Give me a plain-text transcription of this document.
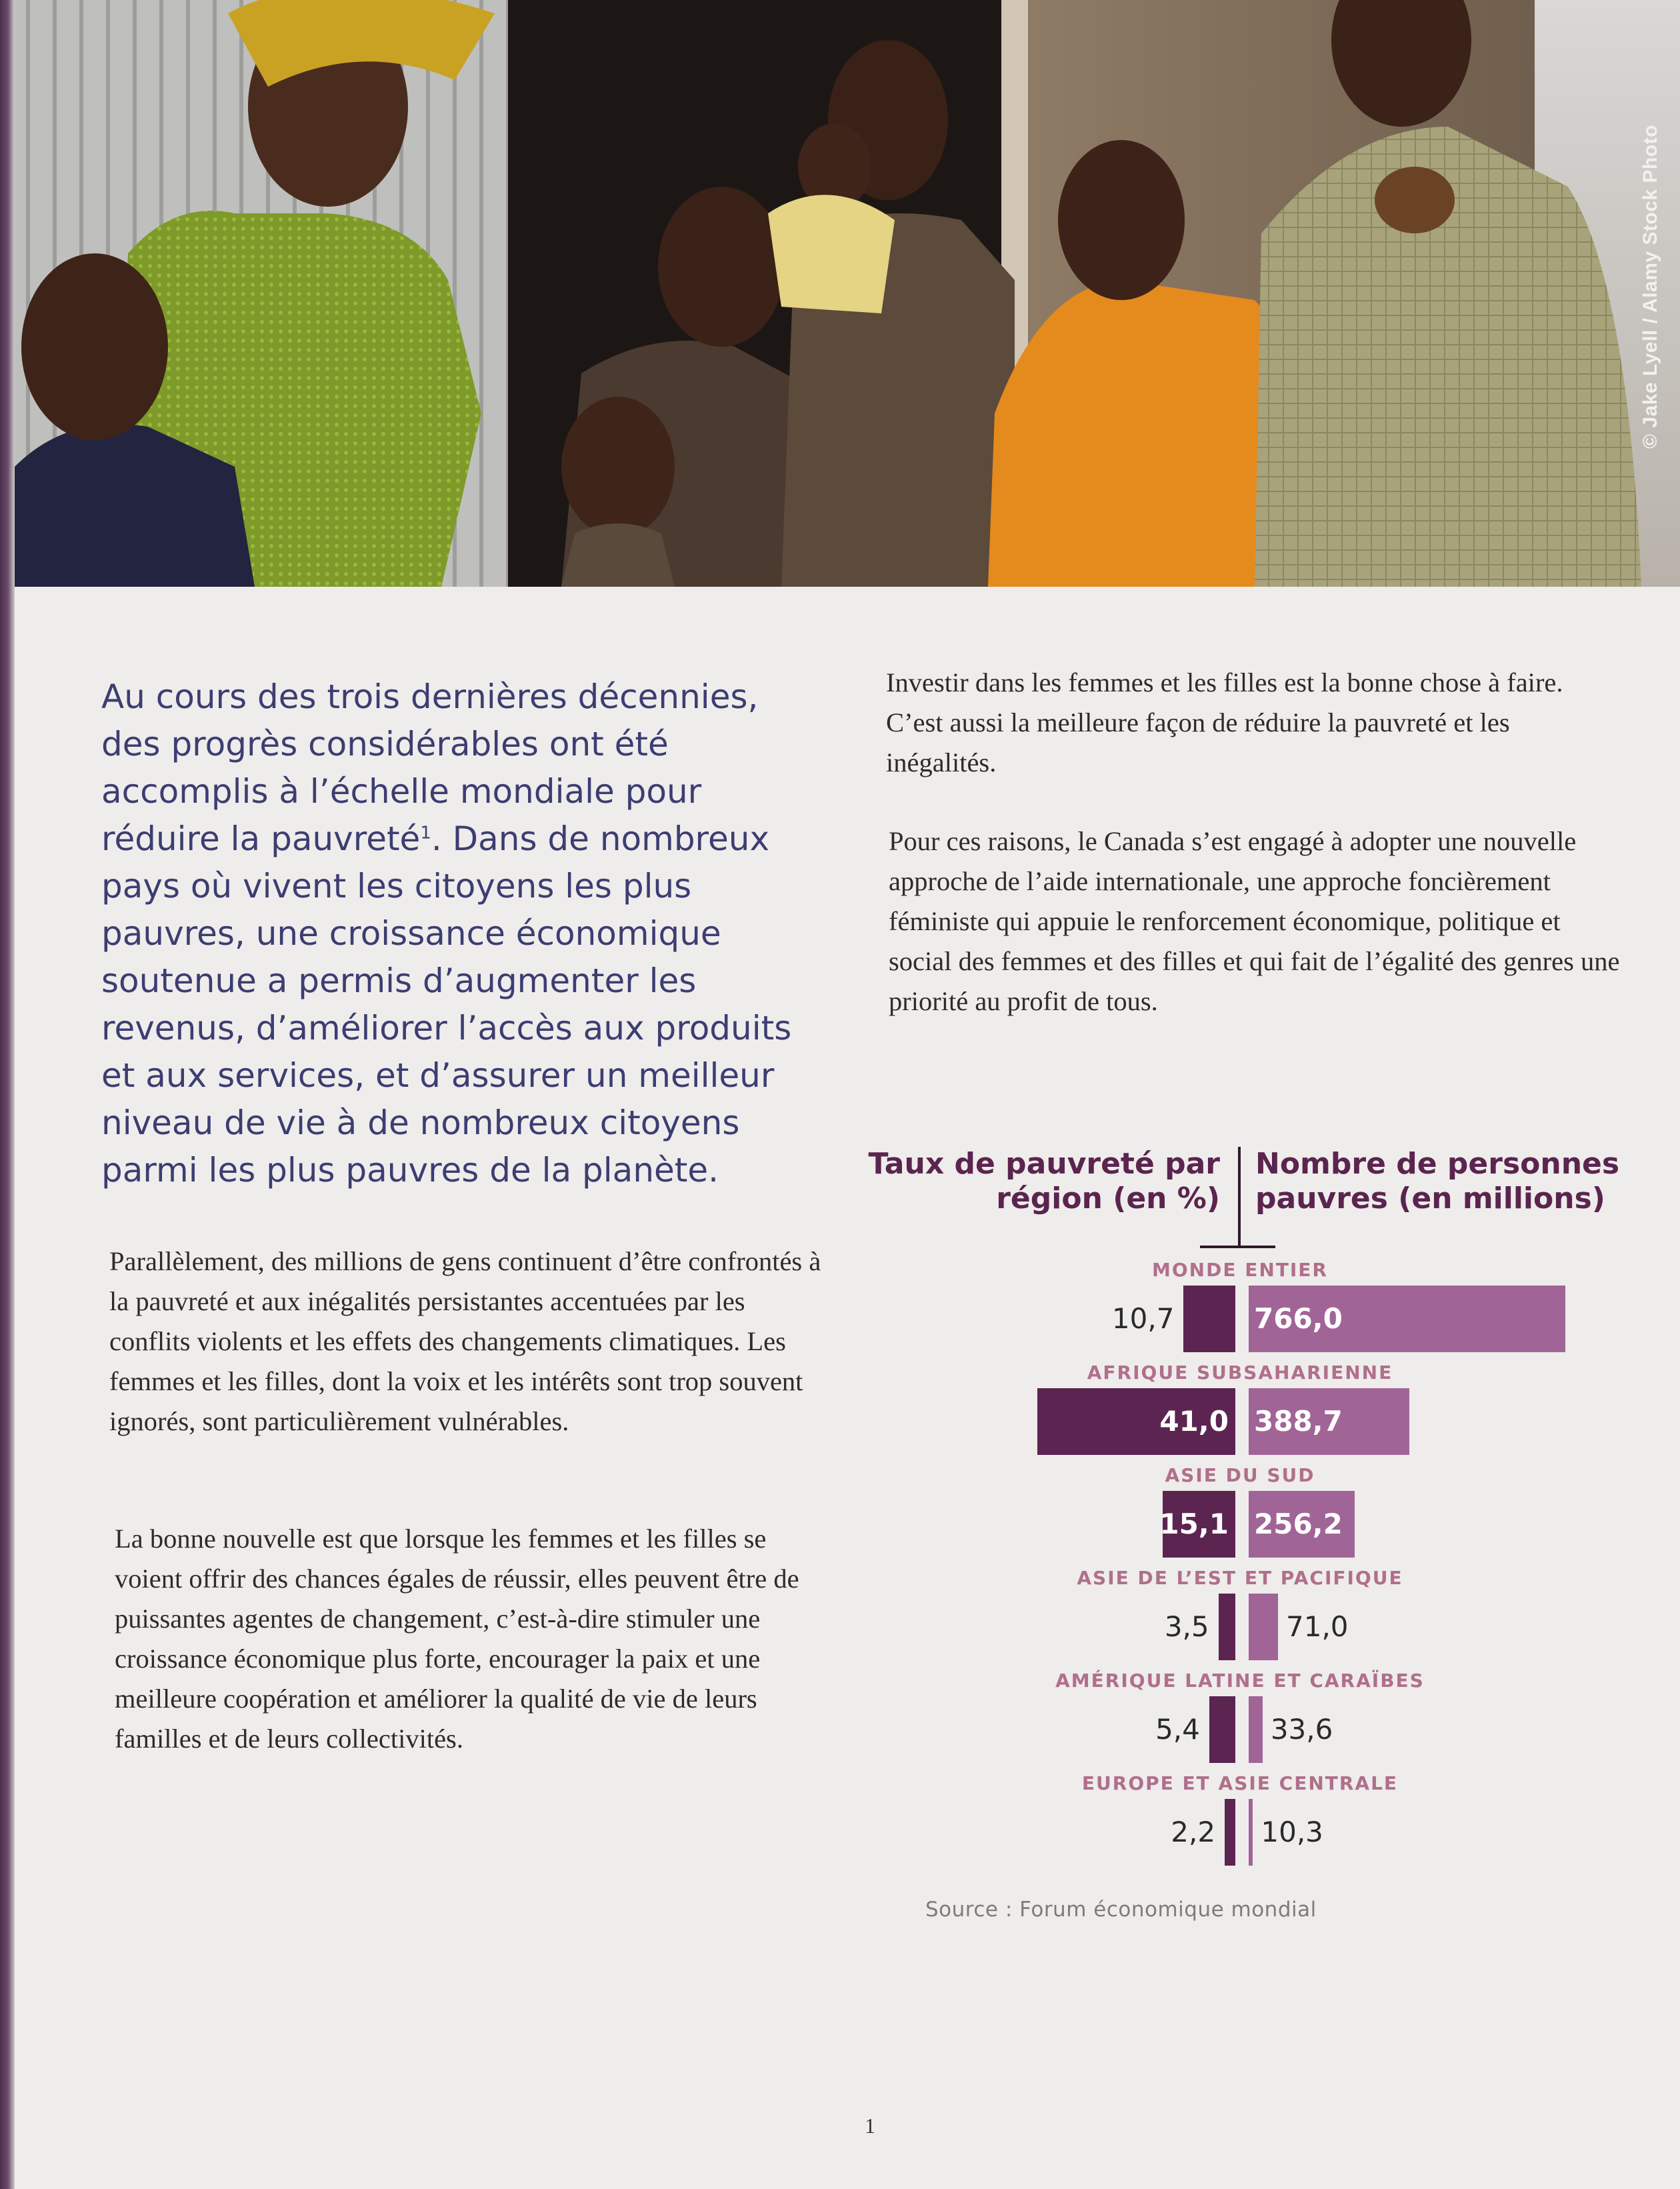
© Jake Lyell / Alamy Stock Photo

Au cours des trois dernières décennies, des progrès considérables ont été accomplis à l’échelle mondiale pour réduire la pauvreté$^1$. Dans de nombreux pays où vivent les citoyens les plus pauvres, une croissance économique soutenue a permis d’augmenter les revenus, d’améliorer l’accès aux produits et aux services, et d’assurer un meilleur niveau de vie à de nombreux citoyens parmi les plus pauvres de la planète.

Parallèlement, des millions de gens continuent d’être confrontés à la pauvreté et aux inégalités persistantes accentuées par les conflits violents et les effets des changements climatiques. Les femmes et les filles, dont la voix et les intérêts sont trop souvent ignorés, sont particulièrement vulnérables.

La bonne nouvelle est que lorsque les femmes et les filles se voient offrir des chances égales de réussir, elles peuvent être de puissantes agentes de changement, c’est-à-dire stimuler une croissance économique plus forte, encourager la paix et une meilleure coopération et améliorer la qualité de vie de leurs familles et de leurs collectivités.

Investir dans les femmes et les filles est la bonne chose à faire. C’est aussi la meilleure façon de réduire la pauvreté et les inégalités.

Pour ces raisons, le Canada s’est engagé à adopter une nouvelle approche de l’aide internationale, une approche foncièrement féministe qui appuie le renforcement économique, politique et social des femmes et des filles et qui fait de l’égalité des genres une priorité au profit de tous.

Taux de pauvreté par région (en %)
Nombre de personnes pauvres (en millions)
MONDE ENTIER
10,7	766,0
AFRIQUE SUBSAHARIENNE
41,0 388,7
ASIE DU SUD
15,1 256,2
ASIE DE L’EST ET PACIFIQUE
3,5	71,0
AMÉRIQUE LATINE ET CARAÏBES
5,4	33,6
EUROPE ET ASIE CENTRALE
2,2 10,3
Source : Forum économique mondial
1
